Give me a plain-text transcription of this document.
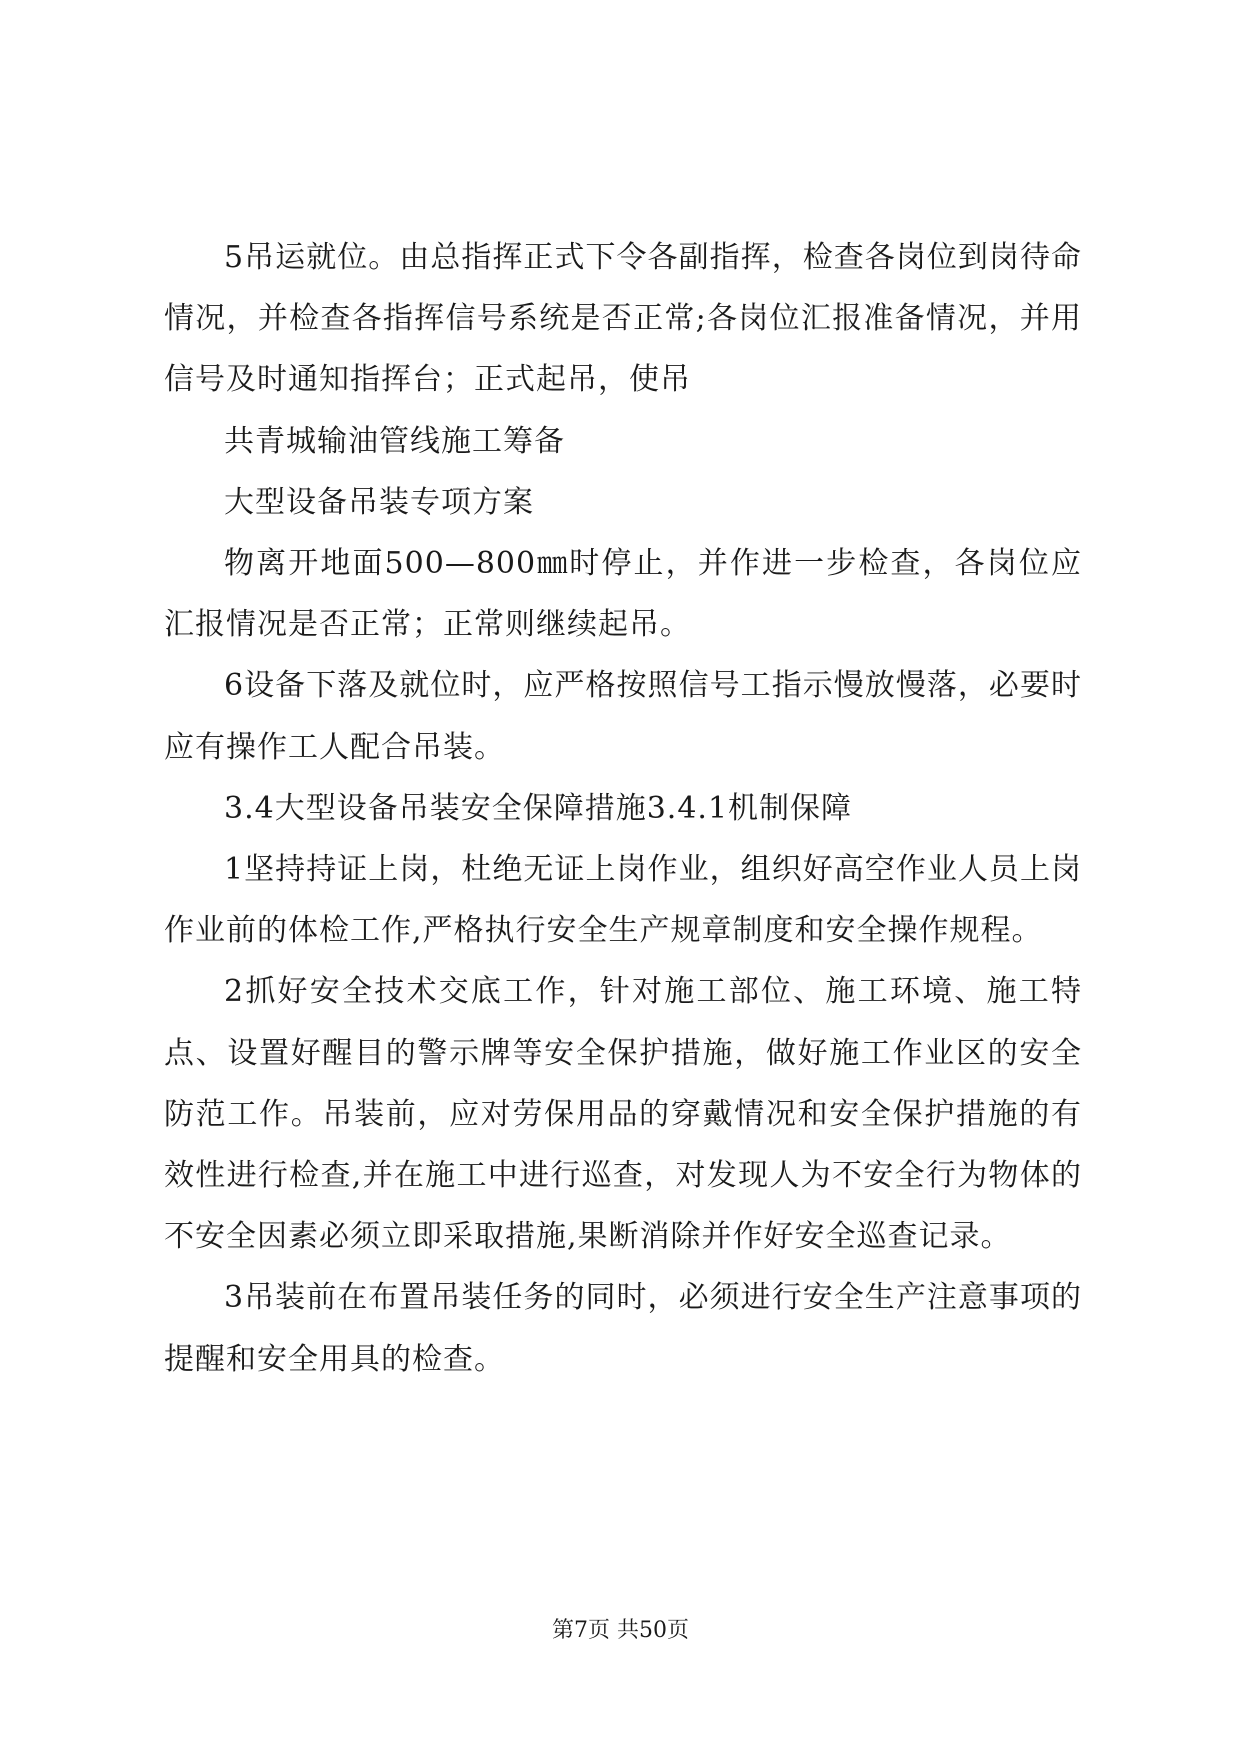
5吊运就位。由总指挥正式下令各副指挥，检查各岗位到岗待命情况，并检查各指挥信号系统是否正常;各岗位汇报准备情况，并用信号及时通知指挥台；正式起吊，使吊

共青城输油管线施工筹备

大型设备吊装专项方案

物离开地面500—800㎜时停止，并作进一步检查，各岗位应汇报情况是否正常；正常则继续起吊。

6设备下落及就位时，应严格按照信号工指示慢放慢落，必要时应有操作工人配合吊装。

3.4大型设备吊装安全保障措施3.4.1机制保障

1坚持持证上岗，杜绝无证上岗作业，组织好高空作业人员上岗作业前的体检工作,严格执行安全生产规章制度和安全操作规程。

2抓好安全技术交底工作，针对施工部位、施工环境、施工特点、设置好醒目的警示牌等安全保护措施，做好施工作业区的安全防范工作。吊装前，应对劳保用品的穿戴情况和安全保护措施的有效性进行检查,并在施工中进行巡查，对发现人为不安全行为物体的不安全因素必须立即采取措施,果断消除并作好安全巡查记录。

3吊装前在布置吊装任务的同时，必须进行安全生产注意事项的提醒和安全用具的检查。

第7页 共50页
